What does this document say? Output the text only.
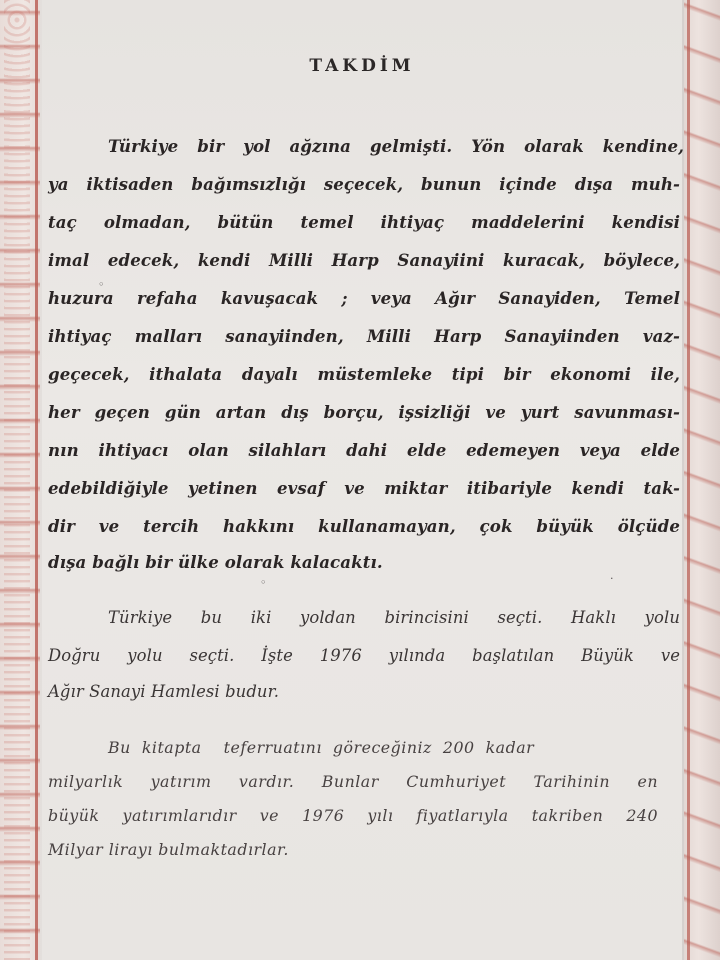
TAKDİM
Türkiye bir yol ağzına gelmişti. Yön olarak kendine,
ya iktisaden bağımsızlığı seçecek, bunun içinde dışa muh-
taç olmadan, bütün temel ihtiyaç maddelerini kendisi
imal edecek, kendi Milli Harp Sanayiini kuracak, böylece,
huzura refaha kavuşacak ; veya Ağır Sanayiden, Temel
ihtiyaç malları sanayiinden, Milli Harp Sanayiinden vaz-
geçecek, ithalata dayalı müstemleke tipi bir ekonomi ile,
her geçen gün artan dış borçu, işsizliği ve yurt savunması-
nın ihtiyacı olan silahları dahi elde edemeyen veya elde
edebildiğiyle yetinen evsaf ve miktar itibariyle kendi tak-
dir ve tercih hakkını kullanamayan, çok büyük ölçüde
dışa bağlı bir ülke olarak kalacaktı.
Türkiye bu iki yoldan birincisini seçti. Haklı yolu
Doğru yolu seçti. İşte 1976 yılında başlatılan Büyük ve
Ağır Sanayi Hamlesi budur.
Bu  kitapta    teferruatını  göreceğiniz  200  kadar
milyarlık yatırım vardır. Bunlar Cumhuriyet Tarihinin en
büyük yatırımlarıdır ve 1976 yılı fiyatlarıyla takriben 240
Milyar lirayı bulmaktadırlar.
◦
◦	·
